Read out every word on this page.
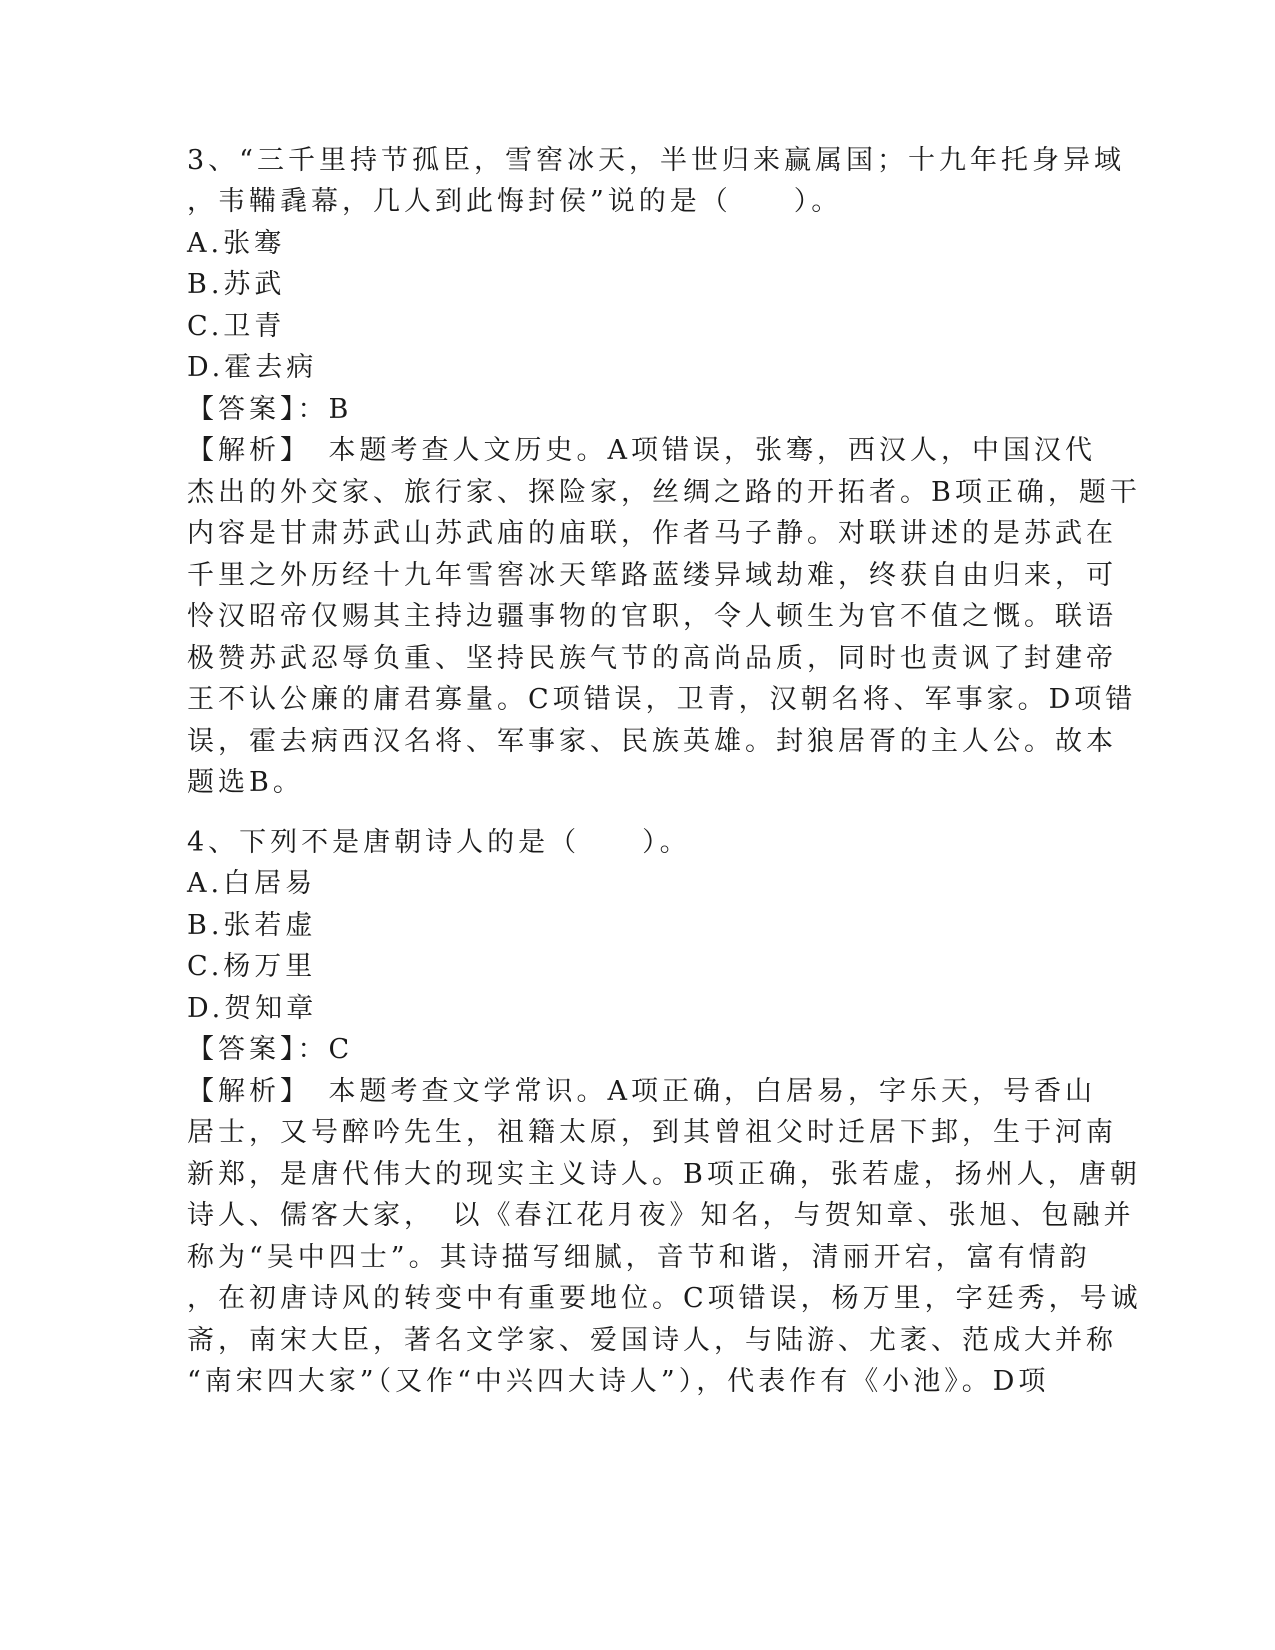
3、“三千里持节孤臣，雪窖冰天，半世归来赢属国；十九年托身异域
，韦鞴毳幕，几人到此悔封侯”说的是（　　）。
A.张骞
B.苏武
C.卫青
D.霍去病
【答案】：B
【解析】　本题考查人文历史。A项错误，张骞，西汉人，中国汉代
杰出的外交家、旅行家、探险家，丝绸之路的开拓者。B项正确，题干
内容是甘肃苏武山苏武庙的庙联，作者马子静。对联讲述的是苏武在
千里之外历经十九年雪窖冰天筚路蓝缕异域劫难，终获自由归来，可
怜汉昭帝仅赐其主持边疆事物的官职，令人顿生为官不值之慨。联语
极赞苏武忍辱负重、坚持民族气节的高尚品质，同时也责讽了封建帝
王不认公廉的庸君寡量。C项错误，卫青，汉朝名将、军事家。D项错
误，霍去病西汉名将、军事家、民族英雄。封狼居胥的主人公。故本
题选B。
4、下列不是唐朝诗人的是（　　）。
A.白居易
B.张若虚
C.杨万里
D.贺知章
【答案】：C
【解析】　本题考查文学常识。A项正确，白居易，字乐天，号香山
居士，又号醉吟先生，祖籍太原，到其曾祖父时迁居下邽，生于河南
新郑，是唐代伟大的现实主义诗人。B项正确，张若虚，扬州人，唐朝
诗人、儒客大家，　以《春江花月夜》知名，与贺知章、张旭、包融并
称为“吴中四士”。其诗描写细腻，音节和谐，清丽开宕，富有情韵
，在初唐诗风的转变中有重要地位。C项错误，杨万里，字廷秀，号诚
斋，南宋大臣，著名文学家、爱国诗人，与陆游、尤袤、范成大并称
“南宋四大家”（又作“中兴四大诗人”），代表作有《小池》。D项
